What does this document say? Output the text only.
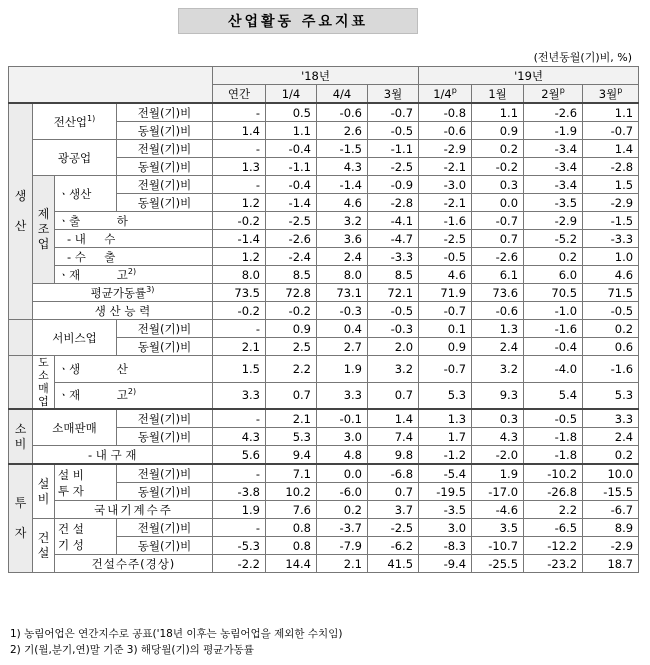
산업활동 주요지표
(전년동월(기)비, %)
				'18년				'19년			
				연간	1/4	4/4	3월	1/4$^p$	1월	2월$^p$	3월$^p$
생

산	전산업$^{1)}$		전월(기)비	-	0.5	-0.6	-0.7	-0.8	1.1	-2.6	1.1
			동월(기)비	1.4	1.1	2.6	-0.5	-0.6	0.9	-1.9	-0.7
	광공업		전월(기)비	-	-0.4	-1.5	-1.1	-2.9	0.2	-3.4	1.4
			동월(기)비	1.3	-1.1	4.3	-2.5	-2.1	-0.2	-3.4	-2.8
	제
조
업	ㆍ생산	전월(기)비	-	-0.4	-1.4	-0.9	-3.0	0.3	-3.4	1.5
			동월(기)비	1.2	-1.4	4.6	-2.8	-2.1	0.0	-3.5	-2.9
		ㆍ출          하		-0.2	-2.5	3.2	-4.1	-1.6	-0.7	-2.9	-1.5
		- 내     수		-1.4	-2.6	3.6	-4.7	-2.5	0.7	-5.2	-3.3
		- 수     출		1.2	-2.4	2.4	-3.3	-0.5	-2.6	0.2	1.0
		ㆍ재          고$^{2)}$		8.0	8.5	8.0	8.5	4.6	6.1	6.0	4.6
	평균가동률$^{3)}$			73.5	72.8	73.1	72.1	71.9	73.6	70.5	71.5
	생 산 능 력			-0.2	-0.2	-0.3	-0.5	-0.7	-0.6	-1.0	-0.5
	서비스업		전월(기)비	-	0.9	0.4	-0.3	0.1	1.3	-1.6	0.2
			동월(기)비	2.1	2.5	2.7	2.0	0.9	2.4	-0.4	0.6
	도소
매업	ㆍ생          산		1.5	2.2	1.9	3.2	-0.7	3.2	-4.0	-1.6
		ㆍ재          고$^{2)}$		3.3	0.7	3.3	0.7	5.3	9.3	5.4	5.3
소
비	소매판매		전월(기)비	-	2.1	-0.1	1.4	1.3	0.3	-0.5	3.3
			동월(기)비	4.3	5.3	3.0	7.4	1.7	4.3	-1.8	2.4
	- 내 구 재			5.6	9.4	4.8	9.8	-1.2	-2.0	-1.8	0.2
투

자	설
비	설 비
투 자	전월(기)비	-	7.1	0.0	-6.8	-5.4	1.9	-10.2	10.0
			동월(기)비	-3.8	10.2	-6.0	0.7	-19.5	-17.0	-26.8	-15.5
		국내기계수주		1.9	7.6	0.2	3.7	-3.5	-4.6	2.2	-6.7
	건
설	건 설
기 성	전월(기)비	-	0.8	-3.7	-2.5	3.0	3.5	-6.5	8.9
			동월(기)비	-5.3	0.8	-7.9	-6.2	-8.3	-10.7	-12.2	-2.9
		건설수주(경상)		-2.2	14.4	2.1	41.5	-9.4	-25.5	-23.2	18.7
1) 농림어업은 연간지수로 공표('18년 이후는 농림어업을 제외한 수치임)
2) 기(월,분기,연)말 기준 3) 해당월(기)의 평균가동률
